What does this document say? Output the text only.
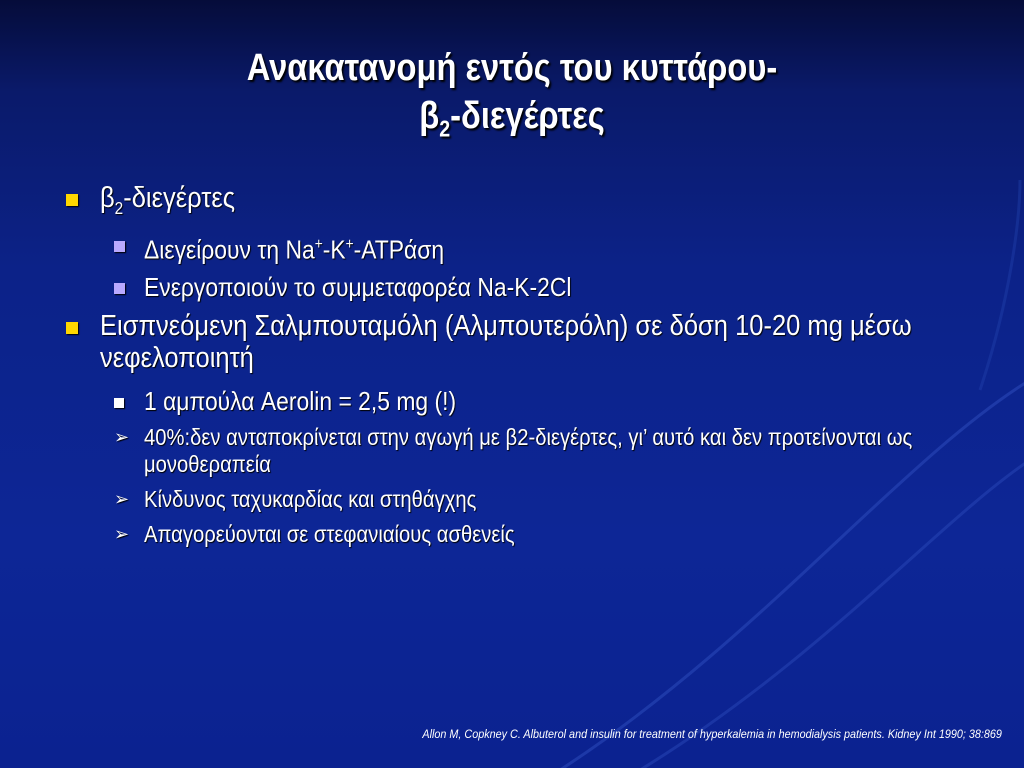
Ανακατανομή εντός του κυττάρου-
$\beta_2$-διεγέρτες
$\beta_2$-διεγέρτες
Διεγείρουν τη Na+-K+-ATPάση
Ενεργοποιούν το συμμεταφορέα Na-K-2Cl
Εισπνεόμενη Σαλμπουταμόλη (Αλμπουτερόλη) σε δόση 10-20 mg μέσω νεφελοποιητή
1 αμπούλα Aerolin = 2,5 mg (!)
➢ 40%:δεν ανταποκρίνεται στην αγωγή με β2-διεγέρτες, γι’ αυτό και δεν προτείνονται ως μονοθεραπεία
➢ Κίνδυνος ταχυκαρδίας και στηθάγχης
➢ Απαγορεύονται σε στεφανιαίους ασθενείς
Allon M, Copkney C. Albuterol and insulin for treatment of hyperkalemia in hemodialysis patients. Kidney Int 1990; 38:869
